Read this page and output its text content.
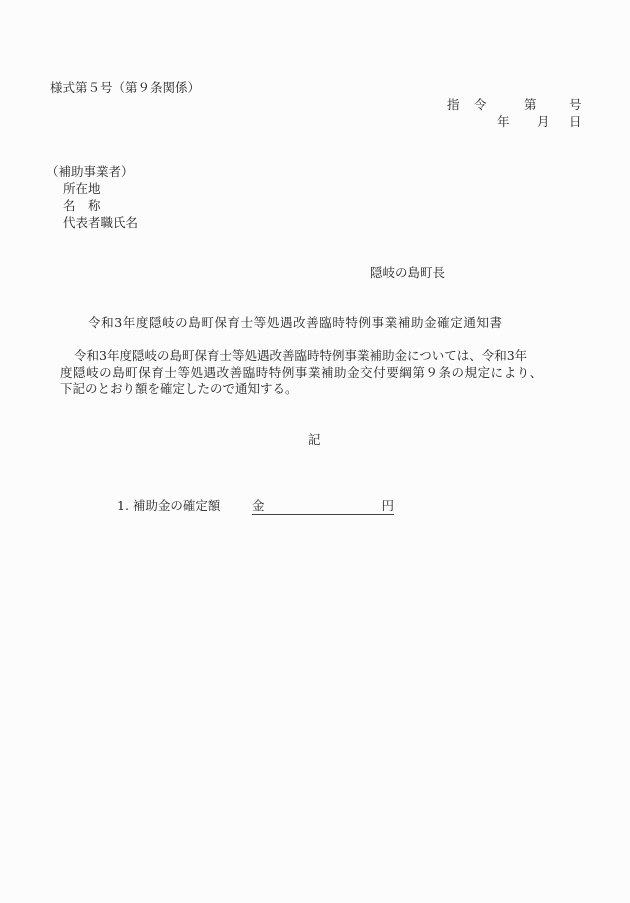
様式第５号（第９条関係）
指 令	第	号
年 月 日
（補助事業者）
所在地
名　称
代表者職氏名
隠岐の島町長
令和3年度隠岐の島町保育士等処遇改善臨時特例事業補助金確定通知書
令和3年度隠岐の島町保育士等処遇改善臨時特例事業補助金については、令和3年
度隠岐の島町保育士等処遇改善臨時特例事業補助金交付要綱第９条の規定により、
下記のとおり額を確定したので通知する。
記
1. 補助金の確定額	金	円
